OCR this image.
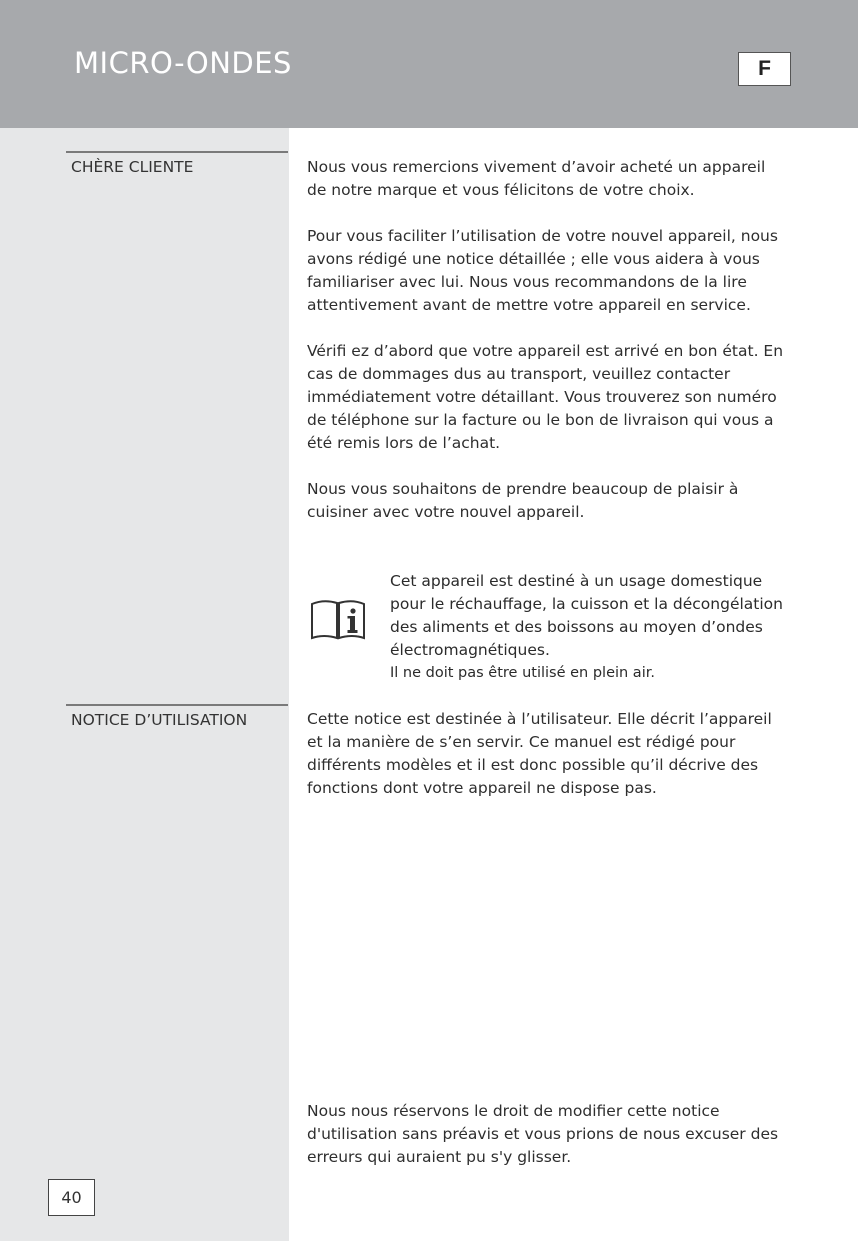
MICRO-ONDES	F
CHÈRE CLIENTE
NOTICE D’UTILISATION

Nous vous remercions vivement d’avoir acheté un appareil de notre marque et vous félicitons de votre choix.

Pour vous faciliter l’utilisation de votre nouvel appareil, nous avons rédigé une notice détaillée ; elle vous aidera à vous familiariser avec lui. Nous vous recommandons de la lire attentivement avant de mettre votre appareil en service.

Vérifi ez d’abord que votre appareil est arrivé en bon état. En cas de dommages dus au transport, veuillez contacter immédiatement votre détaillant. Vous trouverez son numéro de téléphone sur la facture ou le bon de livraison qui vous a été remis lors de l’achat.

Nous vous souhaitons de prendre beaucoup de plaisir à cuisiner avec votre nouvel appareil.

Cet appareil est destiné à un usage domestique pour le réchauffage, la cuisson et la décongélation des aliments et des boissons au moyen d’ondes électromagnétiques.
Il ne doit pas être utilisé en plein air.

Cette notice est destinée à l’utilisateur. Elle décrit l’appareil et la manière de s’en servir. Ce manuel est rédigé pour différents modèles et il est donc possible qu’il décrive des fonctions dont votre appareil ne dispose pas.

Nous nous réservons le droit de modifier cette notice d'utilisation sans préavis et vous prions de nous excuser des erreurs qui auraient pu s'y glisser.

40
